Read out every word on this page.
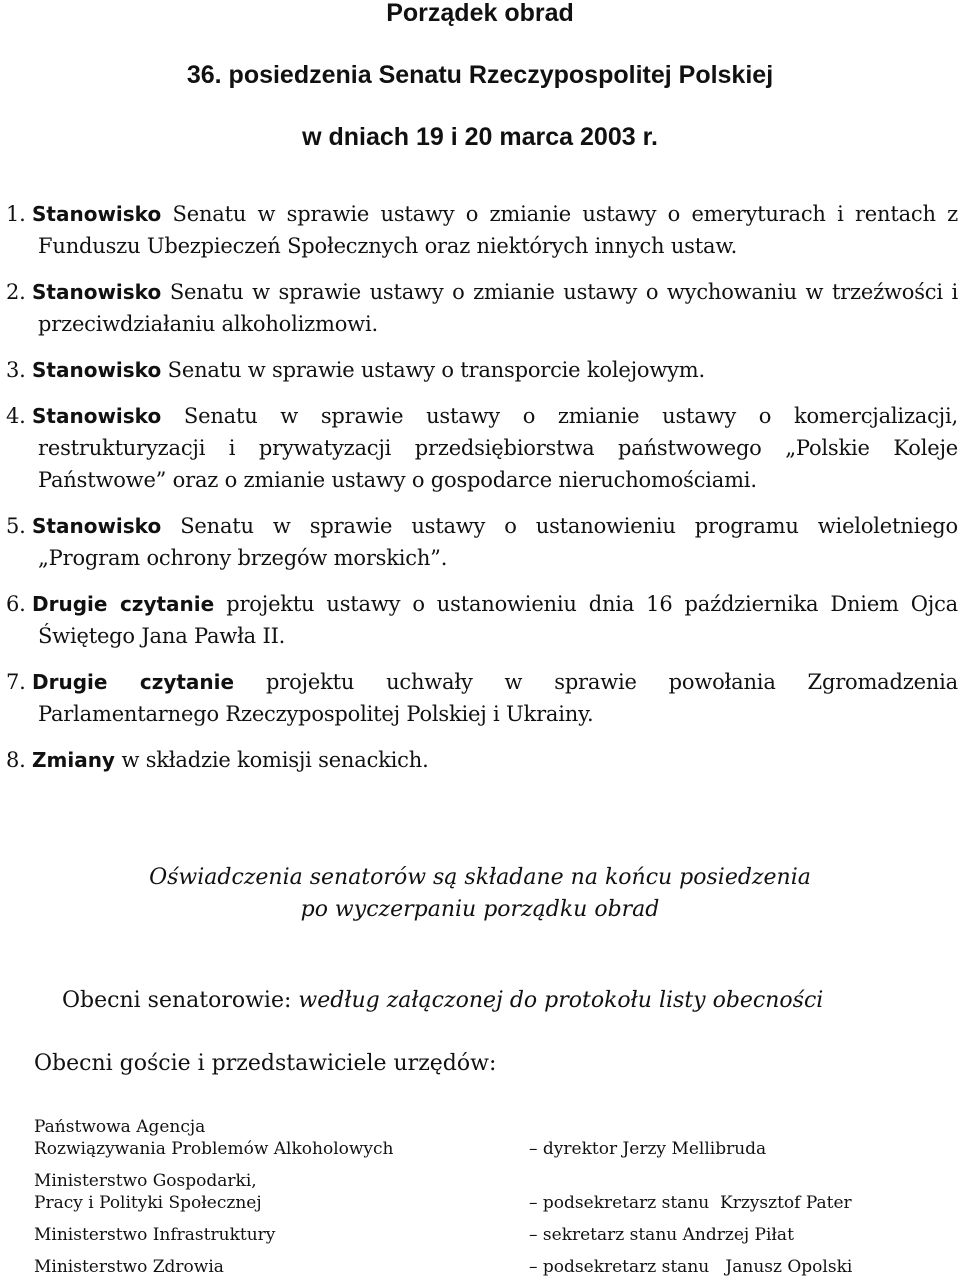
Porządek obrad
36. posiedzenia Senatu Rzeczypospolitej Polskiej
w dniach 19 i 20 marca 2003 r.

1. Stanowisko Senatu w sprawie ustawy o zmianie ustawy o emeryturach i rentach z Funduszu Ubezpieczeń Społecznych oraz niektórych innych ustaw.

2. Stanowisko Senatu w sprawie ustawy o zmianie ustawy o wychowaniu w trzeźwości i przeciwdziałaniu alkoholizmowi.

3. Stanowisko Senatu w sprawie ustawy o transporcie kolejowym.

4. Stanowisko Senatu w sprawie ustawy o zmianie ustawy o komercjalizacji, restrukturyzacji i prywatyzacji przedsiębiorstwa państwowego „Polskie Koleje Państwowe” oraz o zmianie ustawy o gospodarce nieruchomościami.

5. Stanowisko Senatu w sprawie ustawy o ustanowieniu programu wieloletniego „Program ochrony brzegów morskich”.

6. Drugie czytanie projektu ustawy o ustanowieniu dnia 16 października Dniem Ojca Świętego Jana Pawła II.

7. Drugie czytanie projektu uchwały w sprawie powołania Zgromadzenia Parlamentarnego Rzeczypospolitej Polskiej i Ukrainy.

8. Zmiany w składzie komisji senackich.

Oświadczenia senatorów są składane na końcu posiedzenia
po wyczerpaniu porządku obrad
Obecni senatorowie: według załączonej do protokołu listy obecności
Obecni goście i przedstawiciele urzędów:
Państwowa Agencja
Rozwiązywania Problemów Alkoholowych	– dyrektor Jerzy Mellibruda
Ministerstwo Gospodarki,
Pracy i Polityki Społecznej	– podsekretarz stanu  Krzysztof Pater
Ministerstwo Infrastruktury	– sekretarz stanu Andrzej Piłat
Ministerstwo Zdrowia	– podsekretarz stanu   Janusz Opolski
